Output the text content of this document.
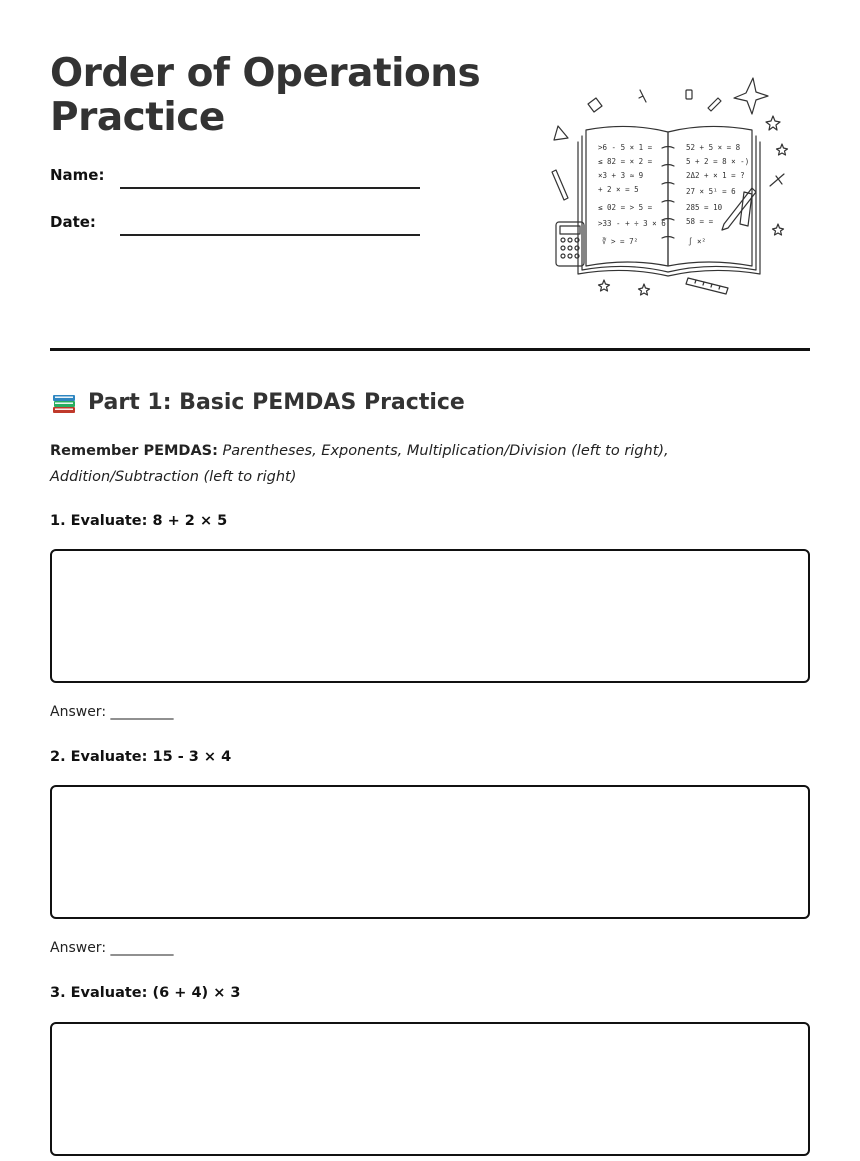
Order of Operations
Practice
Name:
Date:
>6 - 5 × 1 =
≤ 82 = × 2 =
×3 + 3 ≈ 9
+ 2 × = 5
≤ 02 = > 5 =
>33 - + ÷ 3 × 6
∛ > = 7²
52 + 5 × = 8
5 + 2 = 8 × -)
2Δ2 + × 1 = ?
27 × 5¹ = 6
285 = 10
58 = =
∫ ×²
Part 1: Basic PEMDAS Practice
Remember PEMDAS: Parentheses, Exponents, Multiplication/Division (left to right), Addition/Subtraction (left to right)
1. Evaluate: 8 + 2 × 5
Answer: _________
2. Evaluate: 15 - 3 × 4
Answer: _________
3. Evaluate: (6 + 4) × 3
